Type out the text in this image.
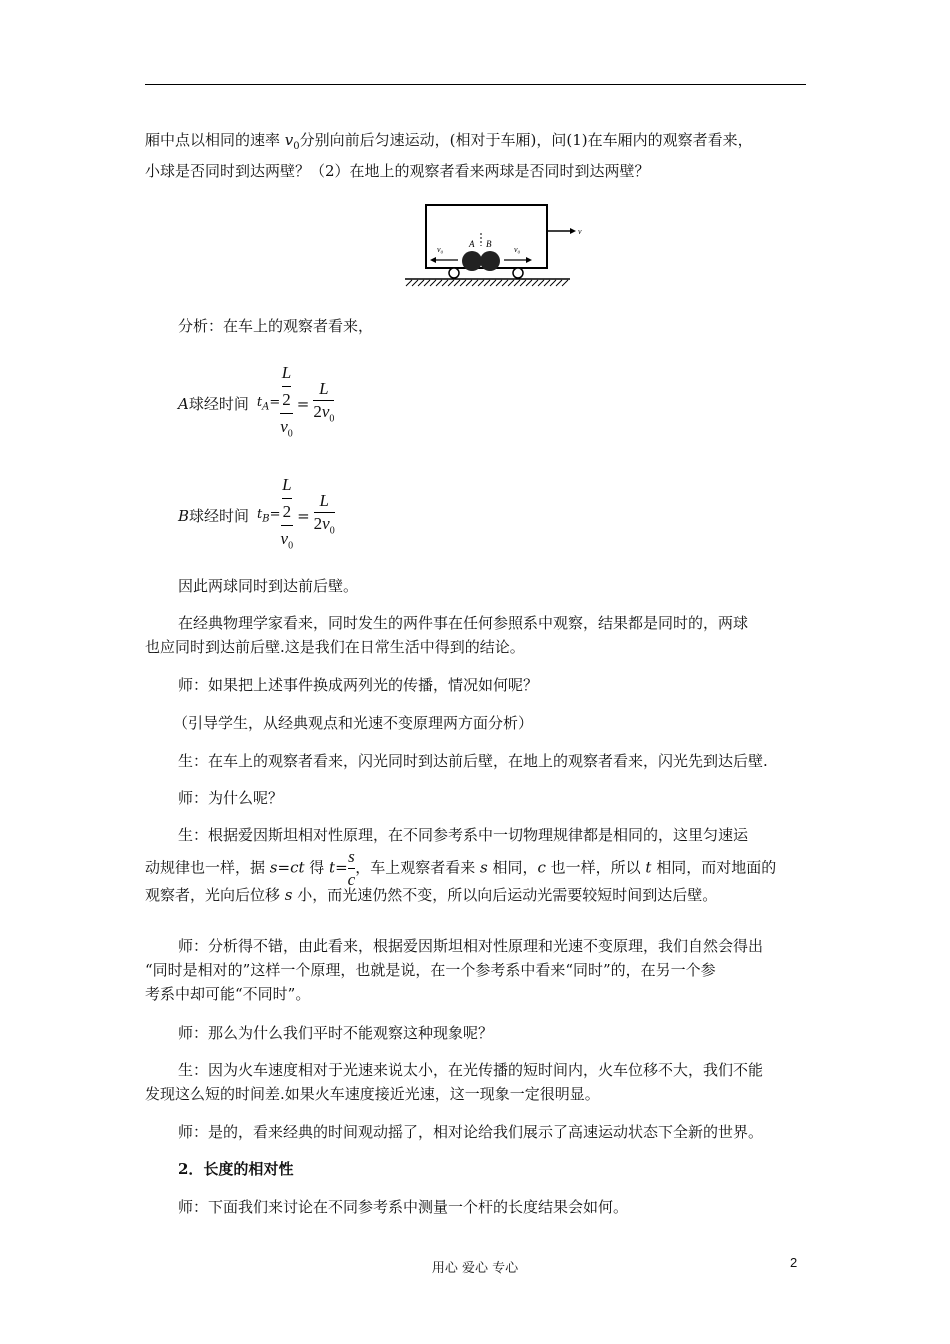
厢中点以相同的速率 $v_0$分别向前后匀速运动，(相对于车厢)，问(1)在车厢内的观察者看来，
小球是否同时到达两壁？（2）在地上的观察者看来两球是否同时到达两壁？
v
A B
v₀	v₀
分析：在车上的观察者看来，
A球经时间 $t_A= \frac{\frac{L}{2}}{v_0} = \frac{L}{2v_0}$
B球经时间 $t_B= \frac{\frac{L}{2}}{v_0} = \frac{L}{2v_0}$
因此两球同时到达前后壁。
在经典物理学家看来，同时发生的两件事在任何参照系中观察，结果都是同时的，两球
也应同时到达前后壁.这是我们在日常生活中得到的结论。
师：如果把上述事件换成两列光的传播，情况如何呢？
（引导学生，从经典观点和光速不变原理两方面分析）
生：在车上的观察者看来，闪光同时到达前后壁，在地上的观察者看来，闪光先到达后壁.
师：为什么呢？
生：根据爱因斯坦相对性原理，在不同参考系中一切物理规律都是相同的，这里匀速运

动规律也一样，据 s=ct 得 $t= \frac{s}{c}$ ，车上观察者看来 s 相同，c 也一样，所以 t 相同，而对地面的
观察者，光向后位移 s 小，而光速仍然不变，所以向后运动光需要较短时间到达后壁。
师：分析得不错，由此看来，根据爱因斯坦相对性原理和光速不变原理，我们自然会得出
“同时是相对的”这样一个原理，也就是说，在一个参考系中看来“同时”的，在另一个参
考系中却可能“不同时”。
师：那么为什么我们平时不能观察这种现象呢？
生：因为火车速度相对于光速来说太小，在光传播的短时间内，火车位移不大，我们不能
发现这么短的时间差.如果火车速度接近光速，这一现象一定很明显。
师：是的，看来经典的时间观动摇了，相对论给我们展示了高速运动状态下全新的世界。
2．长度的相对性
师：下面我们来讨论在不同参考系中测量一个杆的长度结果会如何。
用心 爱心 专心	2
